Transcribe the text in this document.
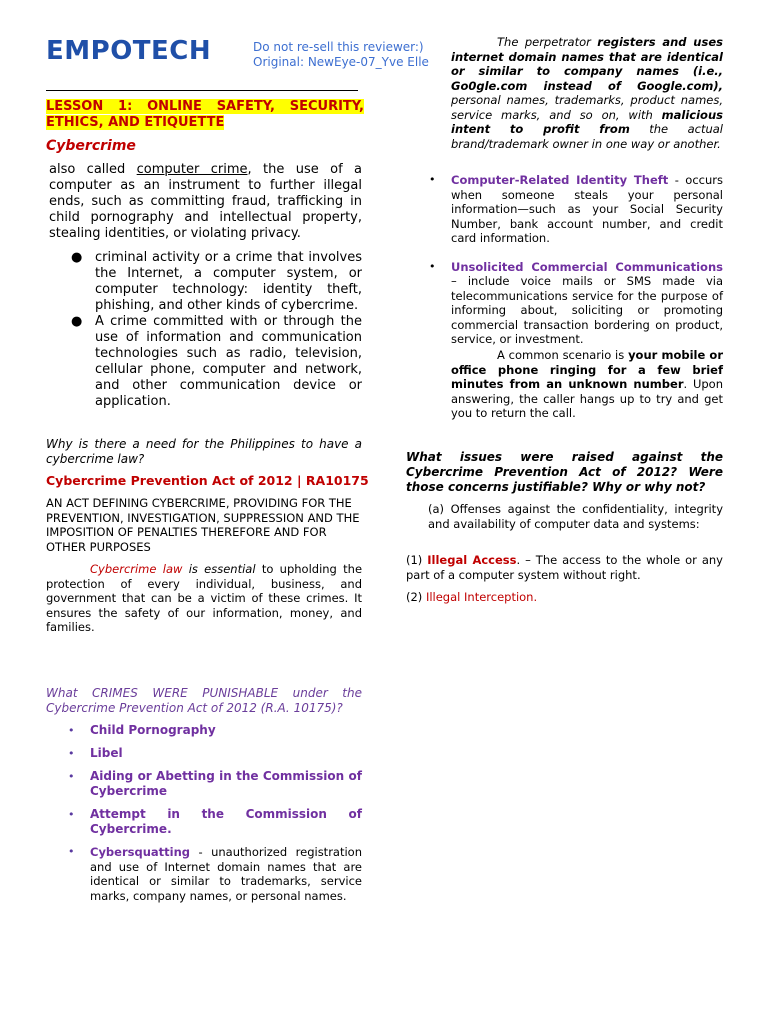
EMPOTECH	Do not re-sell this reviewer:)
Original: NewEye-07_Yve Elle
LESSON 1: ONLINE SAFETY, SECURITY, ETHICS, AND ETIQUETTE
Cybercrime
also called computer crime, the use of a computer as an instrument to further illegal ends, such as committing fraud, trafficking in child pornography and intellectual property, stealing identities, or violating privacy.
● criminal activity or a crime that involves the Internet, a computer system, or computer technology: identity theft, phishing, and other kinds of cybercrime.
● A crime committed with or through the use of information and communication technologies such as radio, television, cellular phone, computer and network, and other communication device or application.
Why is there a need for the Philippines to have a cybercrime law?
Cybercrime Prevention Act of 2012 | RA10175
AN ACT DEFINING CYBERCRIME, PROVIDING FOR THE PREVENTION, INVESTIGATION, SUPPRESSION AND THE IMPOSITION OF PENALTIES THEREFORE AND FOR OTHER PURPOSES
Cybercrime law is essential to upholding the protection of every individual, business, and government that can be a victim of these crimes. It ensures the safety of our information, money, and families.
What CRIMES WERE PUNISHABLE under the Cybercrime Prevention Act of 2012 (R.A. 10175)?
• Child Pornography
• Libel
• Aiding or Abetting in the Commission of Cybercrime
• Attempt in the Commission of Cybercrime.
• Cybersquatting - unauthorized registration and use of Internet domain names that are identical or similar to trademarks, service marks, company names, or personal names.
The perpetrator registers and uses internet domain names that are identical or similar to company names (i.e., Go0gle.com instead of Google.com), personal names, trademarks, product names, service marks, and so on, with malicious intent to profit from the actual brand/trademark owner in one way or another.
• Computer-Related Identity Theft - occurs when someone steals your personal information—such as your Social Security Number, bank account number, and credit card information.
• Unsolicited Commercial Communications – include voice mails or SMS made via telecommunications service for the purpose of informing about, soliciting or promoting commercial transaction bordering on product, service, or investment.
A common scenario is your mobile or office phone ringing for a few brief minutes from an unknown number. Upon answering, the caller hangs up to try and get you to return the call.
What issues were raised against the Cybercrime Prevention Act of 2012? Were those concerns justifiable? Why or why not?
(a) Offenses against the confidentiality, integrity and availability of computer data and systems:
(1) Illegal Access. – The access to the whole or any part of a computer system without right.
(2) Illegal Interception.
